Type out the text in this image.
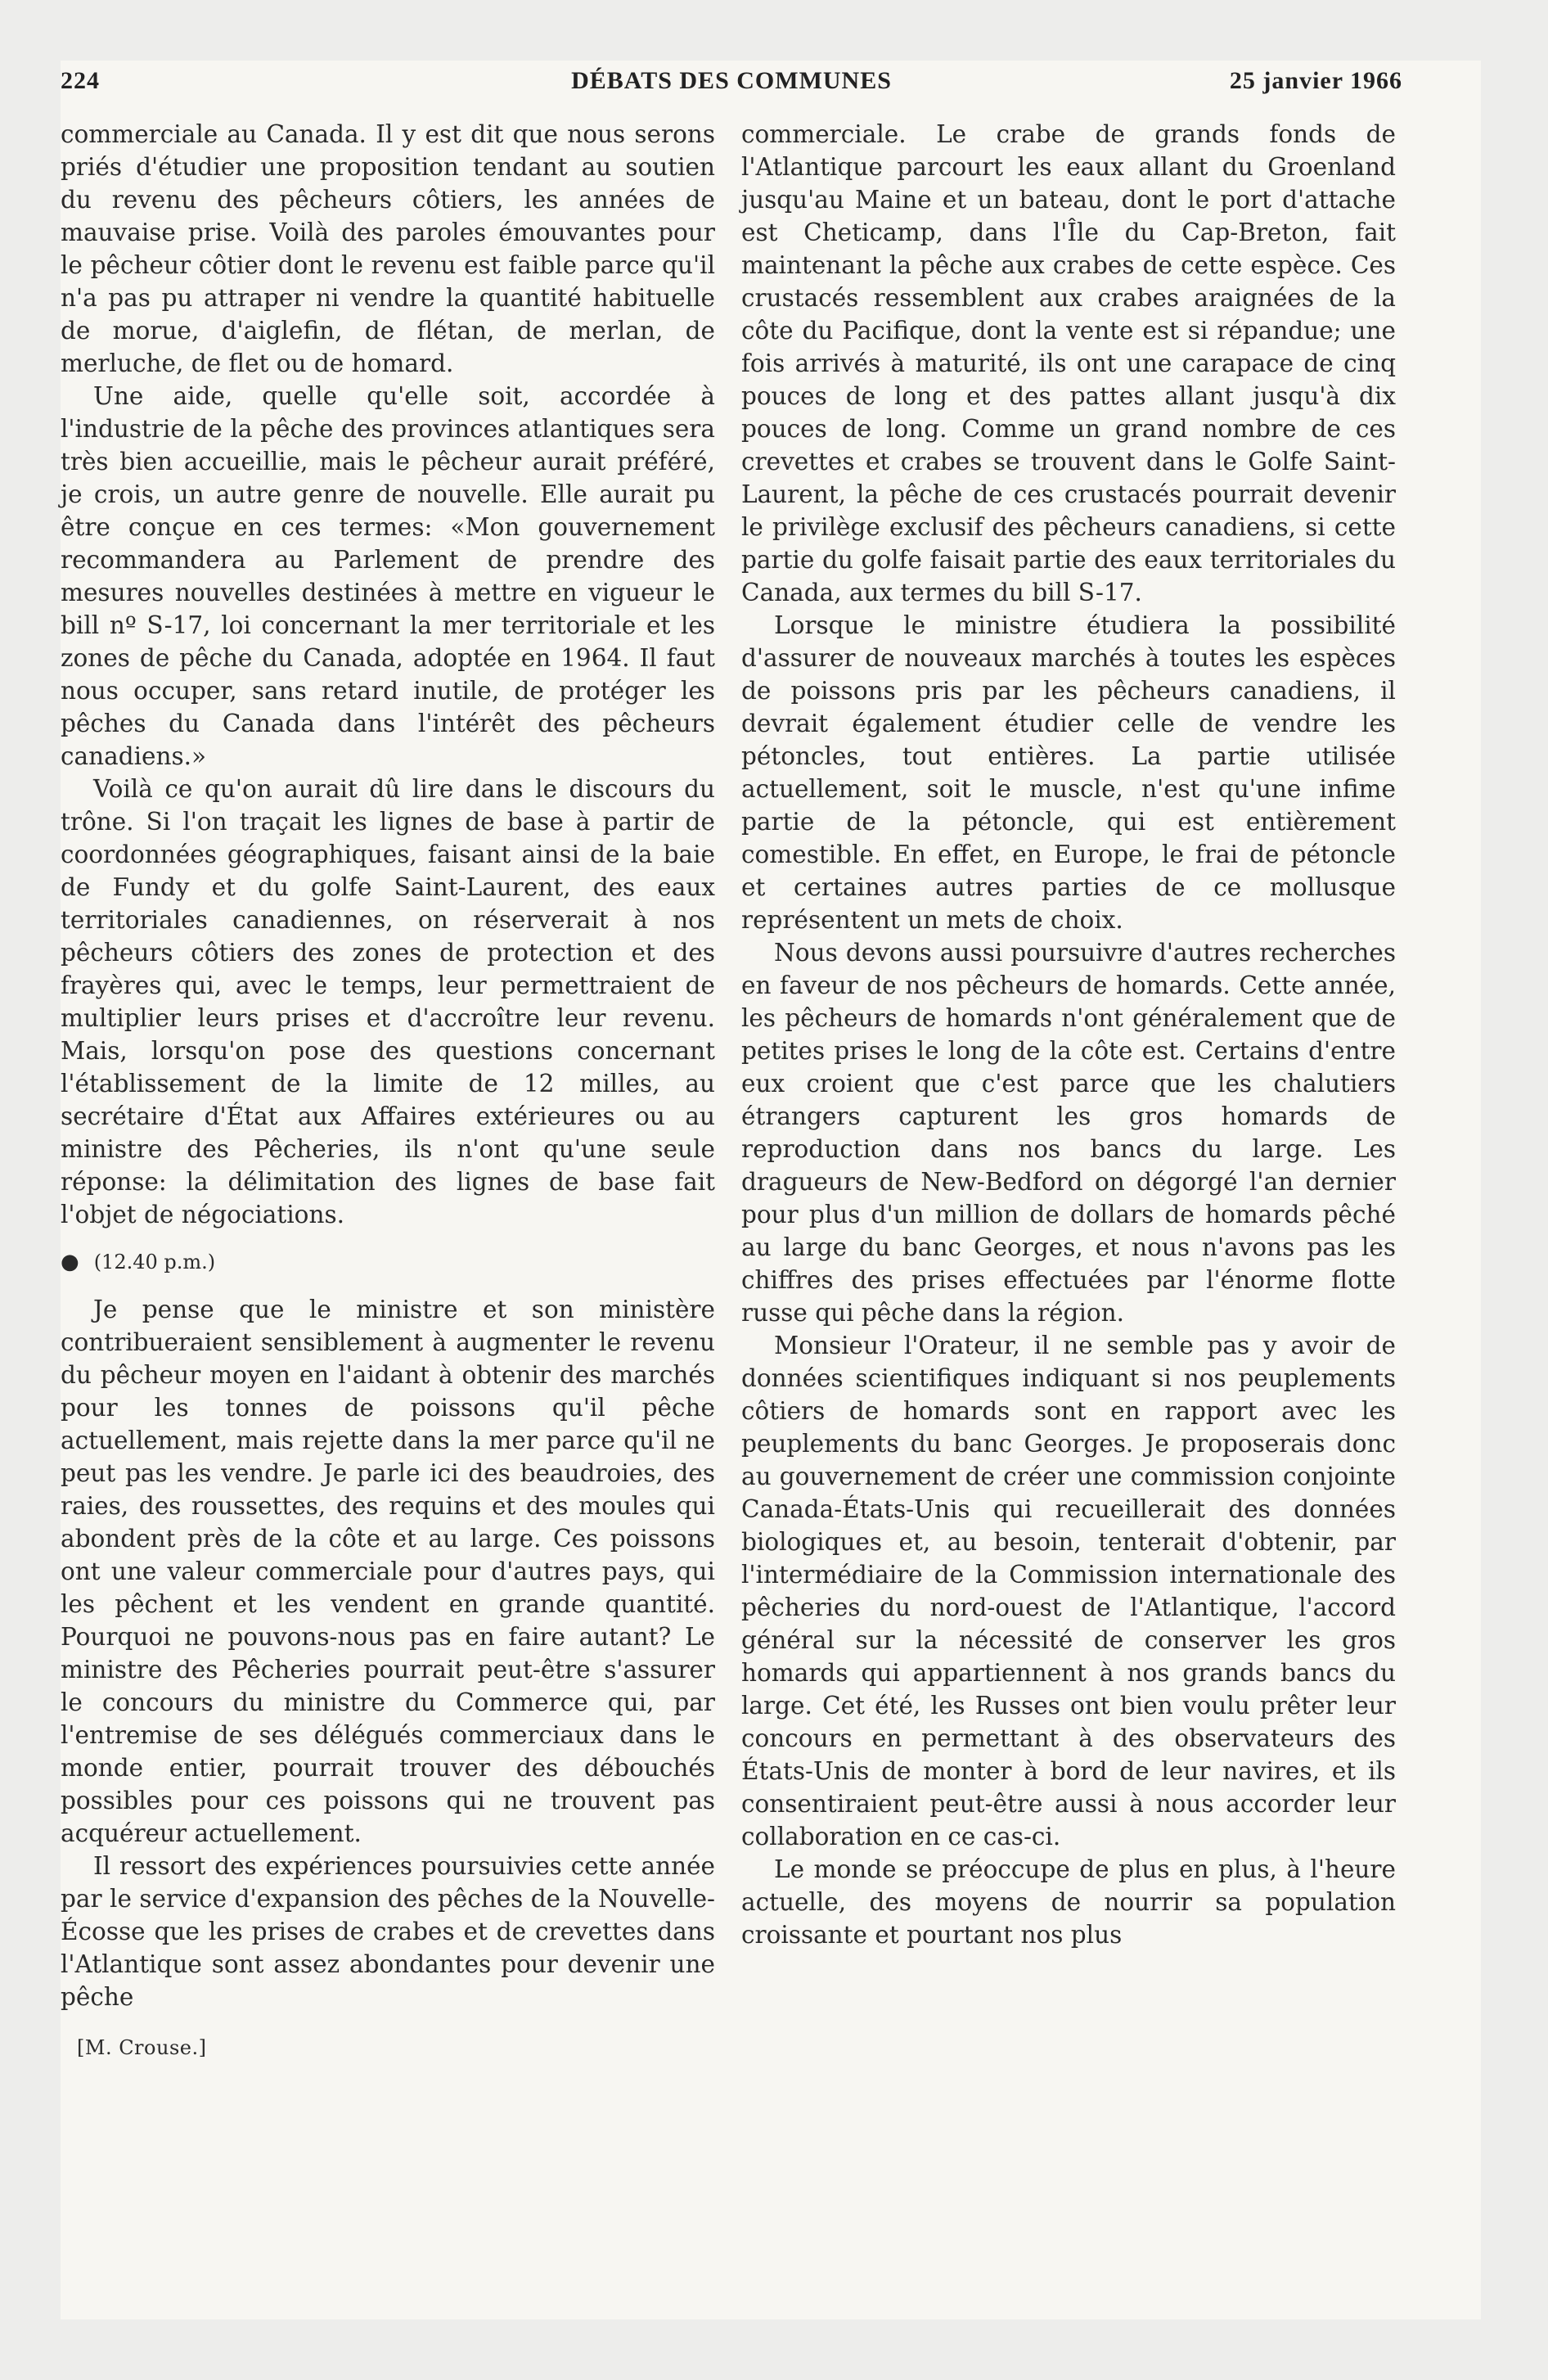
224	DÉBATS DES COMMUNES	25 janvier 1966

commerciale au Canada. Il y est dit que nous serons priés d'étudier une proposition tendant au soutien du revenu des pêcheurs côtiers, les années de mauvaise prise. Voilà des paroles émouvantes pour le pêcheur côtier dont le revenu est faible parce qu'il n'a pas pu attraper ni vendre la quantité habituelle de morue, d'aiglefin, de flétan, de merlan, de merluche, de flet ou de homard.

Une aide, quelle qu'elle soit, accordée à l'industrie de la pêche des provinces atlantiques sera très bien accueillie, mais le pêcheur aurait préféré, je crois, un autre genre de nouvelle. Elle aurait pu être conçue en ces termes: «Mon gouvernement recommandera au Parlement de prendre des mesures nouvelles destinées à mettre en vigueur le bill nº S-17, loi concernant la mer territoriale et les zones de pêche du Canada, adoptée en 1964. Il faut nous occuper, sans retard inutile, de protéger les pêches du Canada dans l'intérêt des pêcheurs canadiens.»

Voilà ce qu'on aurait dû lire dans le discours du trône. Si l'on traçait les lignes de base à partir de coordonnées géographiques, faisant ainsi de la baie de Fundy et du golfe Saint-Laurent, des eaux territoriales canadiennes, on réserverait à nos pêcheurs côtiers des zones de protection et des frayères qui, avec le temps, leur permettraient de multiplier leurs prises et d'accroître leur revenu. Mais, lorsqu'on pose des questions concernant l'établissement de la limite de 12 milles, au secrétaire d'État aux Affaires extérieures ou au ministre des Pêcheries, ils n'ont qu'une seule réponse: la délimitation des lignes de base fait l'objet de négociations.

● (12.40 p.m.)

Je pense que le ministre et son ministère contribueraient sensiblement à augmenter le revenu du pêcheur moyen en l'aidant à obtenir des marchés pour les tonnes de poissons qu'il pêche actuellement, mais rejette dans la mer parce qu'il ne peut pas les vendre. Je parle ici des beaudroies, des raies, des roussettes, des requins et des moules qui abondent près de la côte et au large. Ces poissons ont une valeur commerciale pour d'autres pays, qui les pêchent et les vendent en grande quantité. Pourquoi ne pouvons-nous pas en faire autant? Le ministre des Pêcheries pourrait peut-être s'assurer le concours du ministre du Commerce qui, par l'entremise de ses délégués commerciaux dans le monde entier, pourrait trouver des débouchés possibles pour ces poissons qui ne trouvent pas acquéreur actuellement.

Il ressort des expériences poursuivies cette année par le service d'expansion des pêches de la Nouvelle-Écosse que les prises de crabes et de crevettes dans l'Atlantique sont assez abondantes pour devenir une pêche

[M. Crouse.]

commerciale. Le crabe de grands fonds de l'Atlantique parcourt les eaux allant du Groenland jusqu'au Maine et un bateau, dont le port d'attache est Cheticamp, dans l'Île du Cap-Breton, fait maintenant la pêche aux crabes de cette espèce. Ces crustacés ressemblent aux crabes araignées de la côte du Pacifique, dont la vente est si répandue; une fois arrivés à maturité, ils ont une carapace de cinq pouces de long et des pattes allant jusqu'à dix pouces de long. Comme un grand nombre de ces crevettes et crabes se trouvent dans le Golfe Saint-Laurent, la pêche de ces crustacés pourrait devenir le privilège exclusif des pêcheurs canadiens, si cette partie du golfe faisait partie des eaux territoriales du Canada, aux termes du bill S-17.

Lorsque le ministre étudiera la possibilité d'assurer de nouveaux marchés à toutes les espèces de poissons pris par les pêcheurs canadiens, il devrait également étudier celle de vendre les pétoncles, tout entières. La partie utilisée actuellement, soit le muscle, n'est qu'une infime partie de la pétoncle, qui est entièrement comestible. En effet, en Europe, le frai de pétoncle et certaines autres parties de ce mollusque représentent un mets de choix.

Nous devons aussi poursuivre d'autres recherches en faveur de nos pêcheurs de homards. Cette année, les pêcheurs de homards n'ont généralement que de petites prises le long de la côte est. Certains d'entre eux croient que c'est parce que les chalutiers étrangers capturent les gros homards de reproduction dans nos bancs du large. Les dragueurs de New-Bedford on dégorgé l'an dernier pour plus d'un million de dollars de homards pêché au large du banc Georges, et nous n'avons pas les chiffres des prises effectuées par l'énorme flotte russe qui pêche dans la région.

Monsieur l'Orateur, il ne semble pas y avoir de données scientifiques indiquant si nos peuplements côtiers de homards sont en rapport avec les peuplements du banc Georges. Je proposerais donc au gouvernement de créer une commission conjointe Canada-États-Unis qui recueillerait des données biologiques et, au besoin, tenterait d'obtenir, par l'intermédiaire de la Commission internationale des pêcheries du nord-ouest de l'Atlantique, l'accord général sur la nécessité de conserver les gros homards qui appartiennent à nos grands bancs du large. Cet été, les Russes ont bien voulu prêter leur concours en permettant à des observateurs des États-Unis de monter à bord de leur navires, et ils consentiraient peut-être aussi à nous accorder leur collaboration en ce cas-ci.

Le monde se préoccupe de plus en plus, à l'heure actuelle, des moyens de nourrir sa population croissante et pourtant nos plus
